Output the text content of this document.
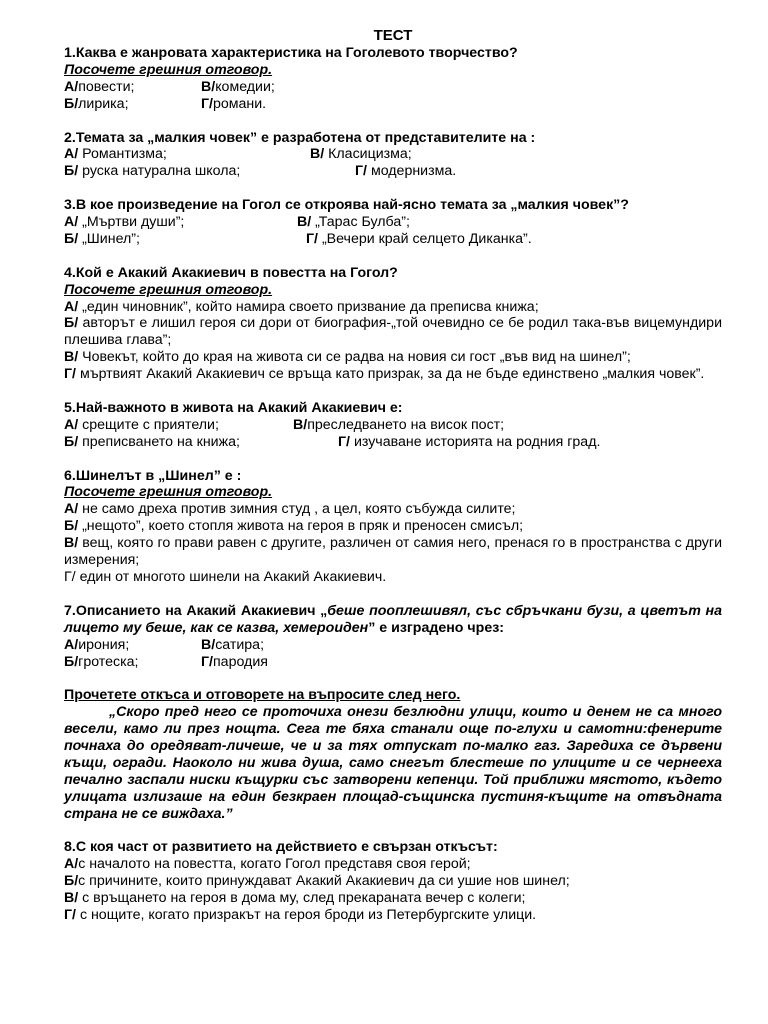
ТЕСТ
1.Каква е жанровата характеристика на Гоголевото творчество?
Посочете грешния отговор.
А/повести;	В/комедии;
Б/лирика;	Г/романи.
2.Темата за „малкия човек” е разработена от представителите на :
А/ Романтизма;	В/ Класицизма;
Б/ руска натурална школа;	Г/ модернизма.
3.В кое произведение на Гогол се откроява най-ясно темата за „малкия човек”?
А/ „Мъртви души”;	В/ „Тарас Булба”;
Б/ „Шинел”;	Г/ „Вечери край селцето Диканка”.
4.Кой е Акакий Акакиевич в повестта на Гогол?
Посочете грешния отговор.
А/ „един чиновник”, който намира своето призвание да преписва книжа;
Б/ авторът е лишил героя си дори от биография-„той очевидно се бе родил така-във вицемундири плешива глава”;
В/ Човекът, който до края на живота си се радва на новия си гост „във вид на шинел”;
Г/ мъртвият Акакий Акакиевич се връща като призрак, за да не бъде единствено „малкия човек”.
5.Най-важното в живота на Акакий Акакиевич е:
А/ срещите с приятели;	В/преследването на висок пост;
Б/ преписването на книжа;	Г/ изучаване историята на родния град.
6.Шинелът в „Шинел” е :
Посочете грешния отговор.
А/ не само дреха против зимния студ , а цел, която събужда силите;
Б/ „нещото”, което стопля живота на героя в пряк и преносен смисъл;
В/ вещ, която го прави равен с другите, различен от самия него, пренася го в пространства с други измерения;
Г/ един от многото шинели на Акакий Акакиевич.
7.Описанието на Акакий Акакиевич „беше пооплешивял, със сбръчкани бузи, а цветът на лицето му беше, как се казва, хемероиден” е изградено чрез:
А/ирония;	В/сатира;
Б/гротеска;	Г/пародия
Прочетете откъса и отговорете на въпросите след него.
„Скоро пред него се проточиха онези безлюдни улици, които и денем не са много весели, камо ли през нощта. Сега те бяха станали още по-глухи и самотни:фенерите почнаха до оредяват-личеше, че и за тях отпускат по-малко газ. Заредиха се дървени къщи, огради. Наоколо ни жива душа, само снегът блестеше по улиците и се чернееха печално заспали ниски къщурки със затворени кепенци. Той приближи мястото, където улицата излизаше на един безкраен площад-същинска пустиня-къщите на отвъдната страна не се виждаха.”
8.С коя част от развитието на действието е свързан откъсът:
А/с началото на повестта, когато Гогол представя своя герой;
Б/с причините, които принуждават Акакий Акакиевич да си ушие нов шинел;
В/ с връщането на героя в дома му, след прекараната вечер с колеги;
Г/ с нощите, когато призракът на героя броди из Петербургските улици.
